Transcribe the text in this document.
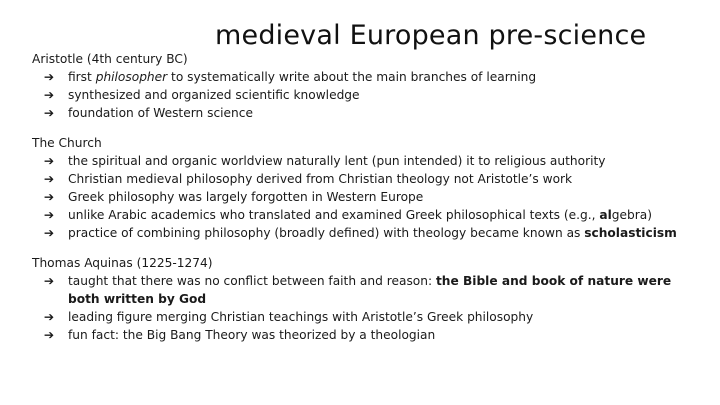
medieval European pre-science
Aristotle (4th century BC)
➔ first philosopher to systematically write about the main branches of learning
➔ synthesized and organized scientific knowledge
➔ foundation of Western science
The Church
➔ the spiritual and organic worldview naturally lent (pun intended) it to religious authority
➔ Christian medieval philosophy derived from Christian theology not Aristotle’s work
➔ Greek philosophy was largely forgotten in Western Europe
➔ unlike Arabic academics who translated and examined Greek philosophical texts (e.g., algebra)
➔ practice of combining philosophy (broadly defined) with theology became known as scholasticism
Thomas Aquinas (1225-1274)
➔ taught that there was no conflict between faith and reason: the Bible and book of nature were both written by God
➔ leading figure merging Christian teachings with Aristotle’s Greek philosophy
➔ fun fact: the Big Bang Theory was theorized by a theologian
